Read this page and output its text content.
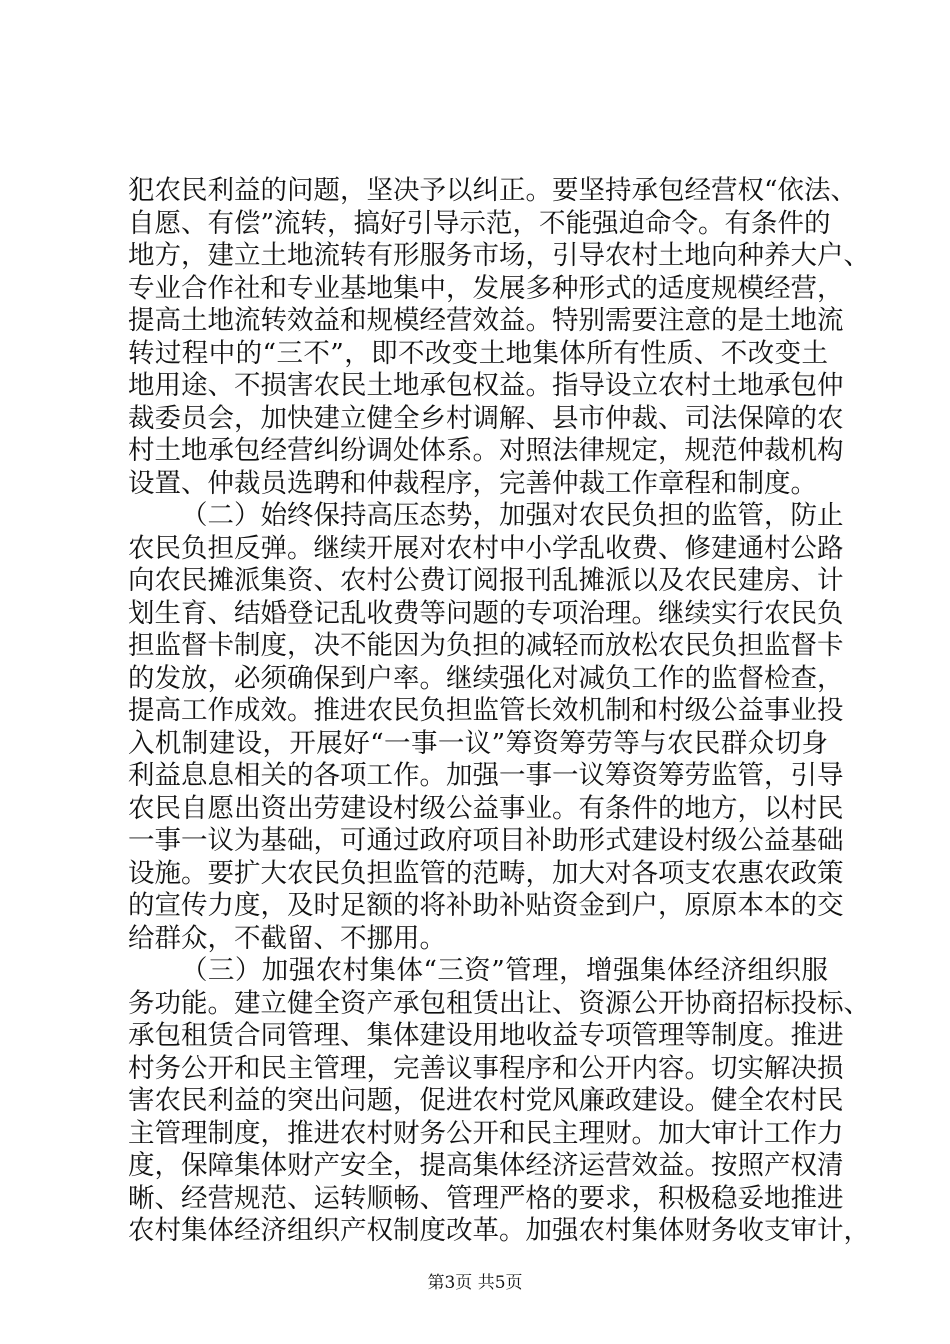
犯农民利益的问题，坚决予以纠正。要坚持承包经营权“依法、
自愿、有偿”流转，搞好引导示范，不能强迫命令。有条件的
地方，建立土地流转有形服务市场，引导农村土地向种养大户、
专业合作社和专业基地集中，发展多种形式的适度规模经营，
提高土地流转效益和规模经营效益。特别需要注意的是土地流
转过程中的“三不”，即不改变土地集体所有性质、不改变土
地用途、不损害农民土地承包权益。指导设立农村土地承包仲
裁委员会，加快建立健全乡村调解、县市仲裁、司法保障的农
村土地承包经营纠纷调处体系。对照法律规定，规范仲裁机构
设置、仲裁员选聘和仲裁程序，完善仲裁工作章程和制度。
（二）始终保持高压态势，加强对农民负担的监管，防止
农民负担反弹。继续开展对农村中小学乱收费、修建通村公路
向农民摊派集资、农村公费订阅报刊乱摊派以及农民建房、计
划生育、结婚登记乱收费等问题的专项治理。继续实行农民负
担监督卡制度，决不能因为负担的减轻而放松农民负担监督卡
的发放，必须确保到户率。继续强化对减负工作的监督检查，
提高工作成效。推进农民负担监管长效机制和村级公益事业投
入机制建设，开展好“一事一议”筹资筹劳等与农民群众切身
利益息息相关的各项工作。加强一事一议筹资筹劳监管，引导
农民自愿出资出劳建设村级公益事业。有条件的地方，以村民
一事一议为基础，可通过政府项目补助形式建设村级公益基础
设施。要扩大农民负担监管的范畴，加大对各项支农惠农政策
的宣传力度，及时足额的将补助补贴资金到户，原原本本的交
给群众，不截留、不挪用。
（三）加强农村集体“三资”管理，增强集体经济组织服
务功能。建立健全资产承包租赁出让、资源公开协商招标投标、
承包租赁合同管理、集体建设用地收益专项管理等制度。推进
村务公开和民主管理，完善议事程序和公开内容。切实解决损
害农民利益的突出问题，促进农村党风廉政建设。健全农村民
主管理制度，推进农村财务公开和民主理财。加大审计工作力
度，保障集体财产安全，提高集体经济运营效益。按照产权清
晰、经营规范、运转顺畅、管理严格的要求，积极稳妥地推进
农村集体经济组织产权制度改革。加强农村集体财务收支审计，
第3页 共5页
